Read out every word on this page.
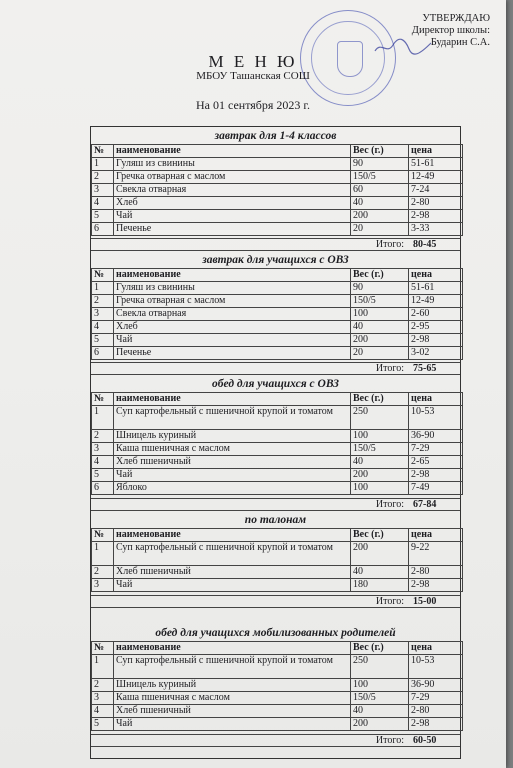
УТВЕРЖДАЮ
Директор школы:
Бударин С.А.
М Е Н Ю
МБОУ Ташанская СОШ
На 01 сентября 2023 г.
завтрак для 1-4 классов
№	наименование	Вес (г.)	цена
1	Гуляш из свинины	90	51-61
2	Гречка отварная с маслом	150/5	12-49
3	Свекла отварная	60	7-24
4	Хлеб	40	2-80
5	Чай	200	2-98
6	Печенье	20	3-33
Итого: 80-45
завтрак для учащихся с ОВЗ
№	наименование	Вес (г.)	цена
1	Гуляш из свинины	90	51-61
2	Гречка отварная с маслом	150/5	12-49
3	Свекла отварная	100	2-60
4	Хлеб	40	2-95
5	Чай	200	2-98
6	Печенье	20	3-02
Итого: 75-65
обед для учащихся с ОВЗ
№	наименование	Вес (г.)	цена
1	Суп картофельный с пшеничной крупой и томатом	250	10-53
2	Шницель куриный	100	36-90
3	Каша пшеничная с маслом	150/5	7-29
4	Хлеб пшеничный	40	2-65
5	Чай	200	2-98
6	Яблоко	100	7-49
Итого: 67-84
по талонам
№	наименование	Вес (г.)	цена
1	Суп картофельный с пшеничной крупой и томатом	200	9-22
2	Хлеб пшеничный	40	2-80
3	Чай	180	2-98
Итого: 15-00
обед для учащихся мобилизованных родителей
№	наименование	Вес (г.)	цена
1	Суп картофельный с пшеничной крупой и томатом	250	10-53
2	Шницель куриный	100	36-90
3	Каша пшеничная с маслом	150/5	7-29
4	Хлеб пшеничный	40	2-80
5	Чай	200	2-98
Итого: 60-50
